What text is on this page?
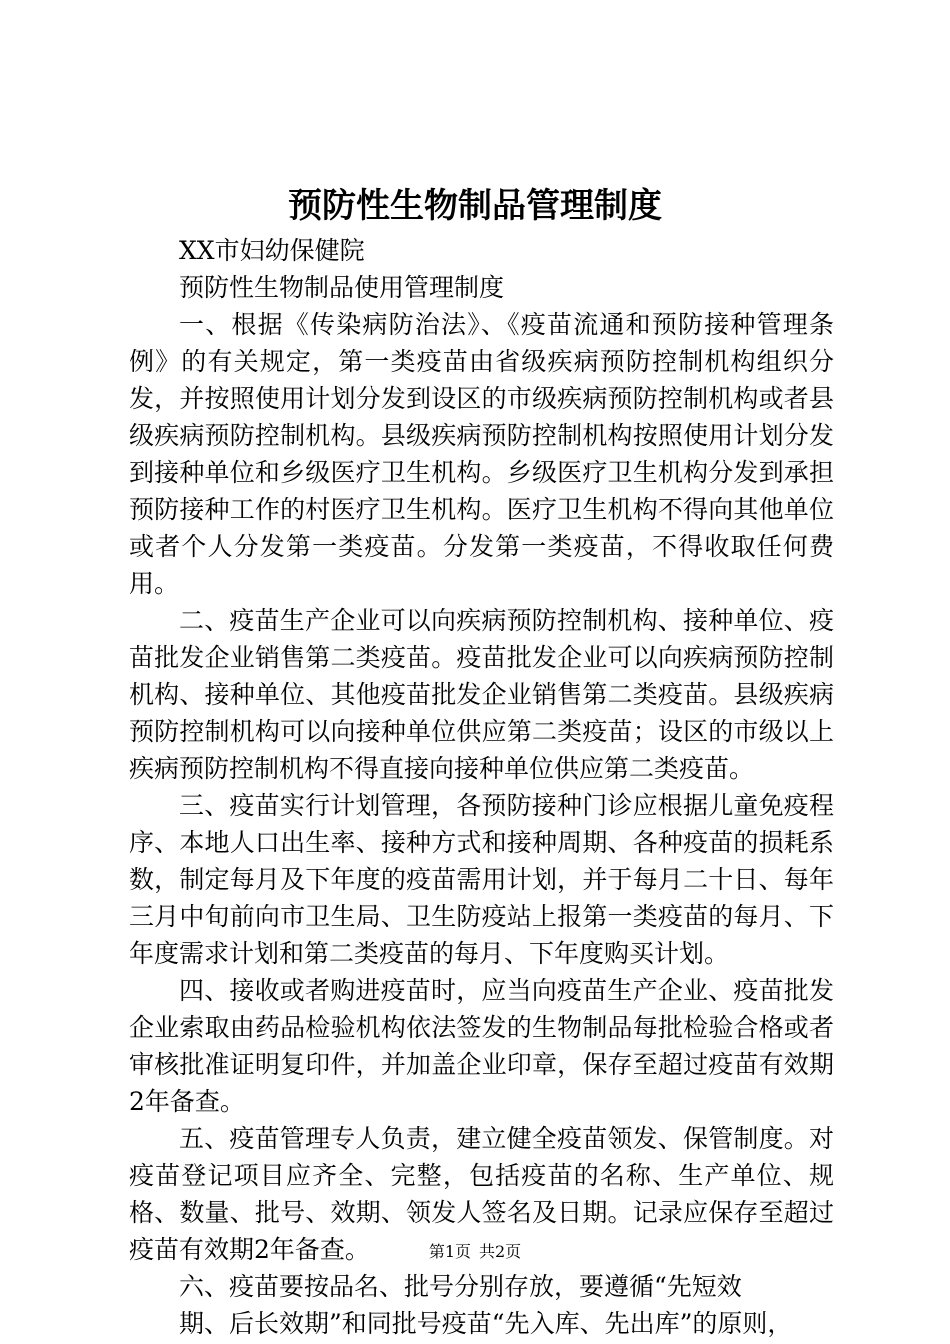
预防性生物制品管理制度

XX市妇幼保健院

预防性生物制品使用管理制度

一、根据《传染病防治法》、《疫苗流通和预防接种管理条例》的有关规定，第一类疫苗由省级疾病预防控制机构组织分发，并按照使用计划分发到设区的市级疾病预防控制机构或者县级疾病预防控制机构。县级疾病预防控制机构按照使用计划分发到接种单位和乡级医疗卫生机构。乡级医疗卫生机构分发到承担预防接种工作的村医疗卫生机构。医疗卫生机构不得向其他单位或者个人分发第一类疫苗。分发第一类疫苗，不得收取任何费用。

二、疫苗生产企业可以向疾病预防控制机构、接种单位、疫苗批发企业销售第二类疫苗。疫苗批发企业可以向疾病预防控制机构、接种单位、其他疫苗批发企业销售第二类疫苗。县级疾病预防控制机构可以向接种单位供应第二类疫苗；设区的市级以上疾病预防控制机构不得直接向接种单位供应第二类疫苗。

三、疫苗实行计划管理，各预防接种门诊应根据儿童免疫程序、本地人口出生率、接种方式和接种周期、各种疫苗的损耗系数，制定每月及下年度的疫苗需用计划，并于每月二十日、每年三月中旬前向市卫生局、卫生防疫站上报第一类疫苗的每月、下年度需求计划和第二类疫苗的每月、下年度购买计划。

四、接收或者购进疫苗时，应当向疫苗生产企业、疫苗批发企业索取由药品检验机构依法签发的生物制品每批检验合格或者审核批准证明复印件，并加盖企业印章，保存至超过疫苗有效期2年备查。

五、疫苗管理专人负责，建立健全疫苗领发、保管制度。对疫苗登记项目应齐全、完整，包括疫苗的名称、生产单位、规格、数量、批号、效期、领发人签名及日期。记录应保存至超过疫苗有效期2年备查。

六、疫苗要按品名、批号分别存放，要遵循“先短效

期、后长效期”和同批号疫苗“先入库、先出库”的原则，

第1页 共2页
